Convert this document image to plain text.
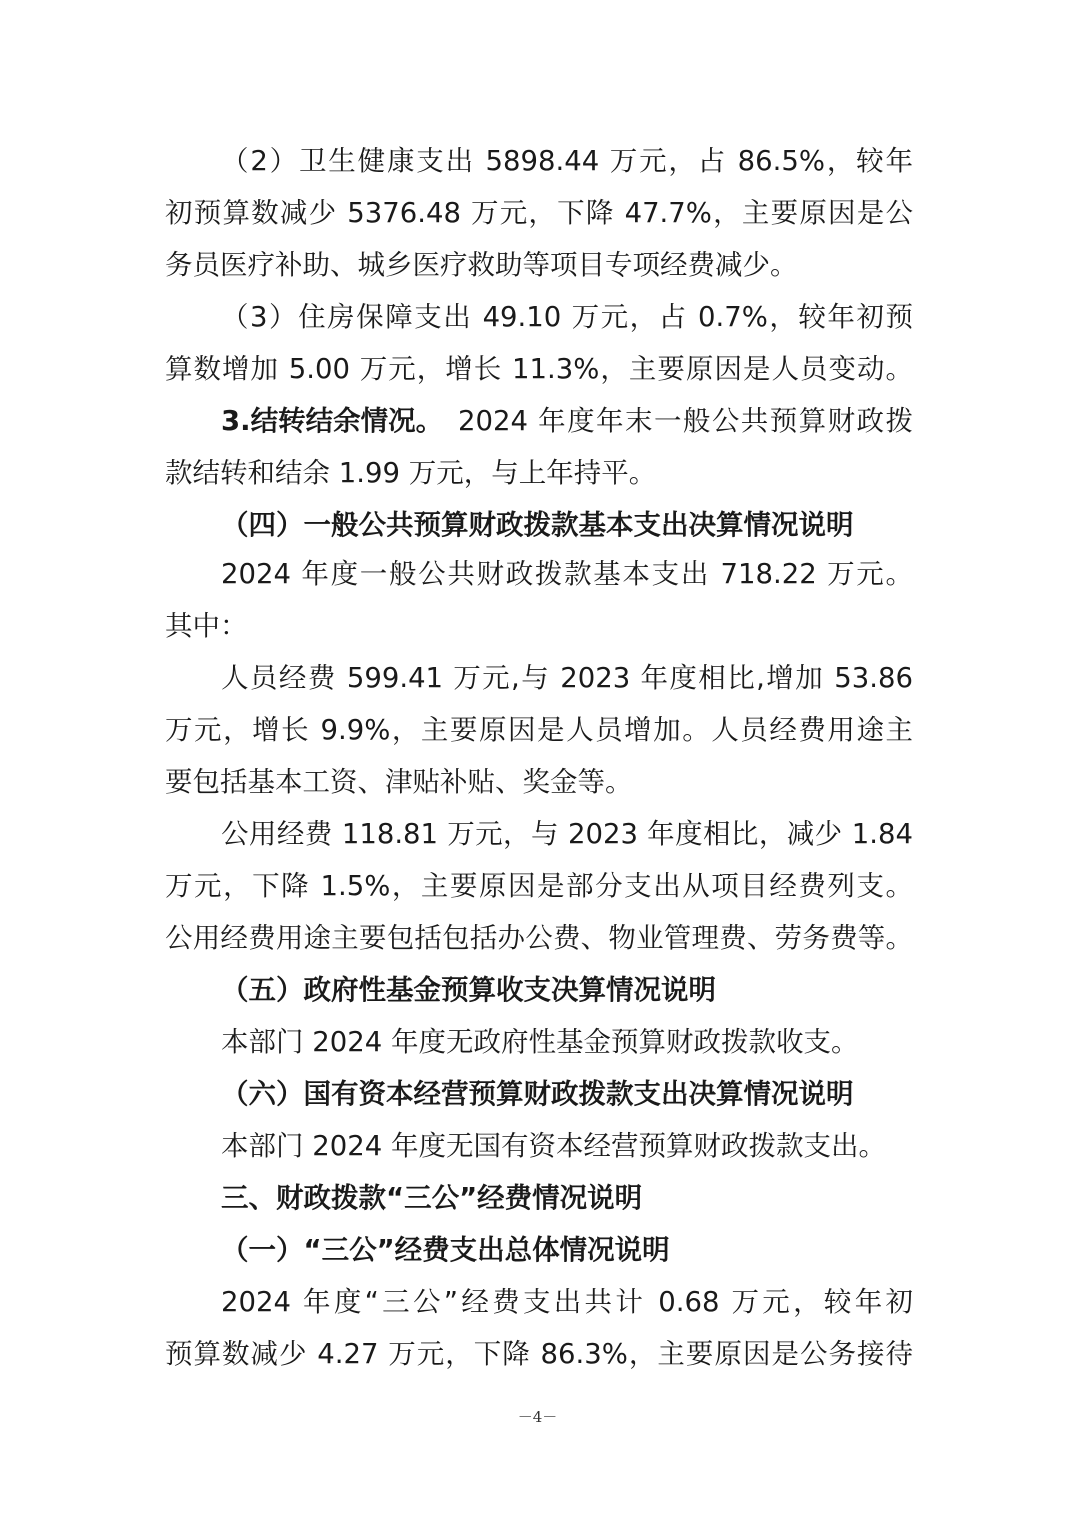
（2）卫生健康支出 5898.44 万元，占 86.5%，较年
初预算数减少 5376.48 万元，下降 47.7%，主要原因是公
务员医疗补助、城乡医疗救助等项目专项经费减少。
（3）住房保障支出 49.10 万元，占 0.7%，较年初预
算数增加 5.00 万元，增长 11.3%，主要原因是人员变动。
3.结转结余情况。 2024 年度年末一般公共预算财政拨
款结转和结余 1.99 万元，与上年持平。
（四）一般公共预算财政拨款基本支出决算情况说明
2024 年度一般公共财政拨款基本支出 718.22 万元。
其中：
人员经费 599.41 万元,与 2023 年度相比,增加 53.86
万元，增长 9.9%，主要原因是人员增加。人员经费用途主
要包括基本工资、津贴补贴、奖金等。
公用经费 118.81 万元，与 2023 年度相比，减少 1.84
万元，下降 1.5%，主要原因是部分支出从项目经费列支。
公用经费用途主要包括包括办公费、物业管理费、劳务费等。
（五）政府性基金预算收支决算情况说明
本部门 2024 年度无政府性基金预算财政拨款收支。
（六）国有资本经营预算财政拨款支出决算情况说明
本部门 2024 年度无国有资本经营预算财政拨款支出。
三、财政拨款“三公”经费情况说明
（一）“三公”经费支出总体情况说明
2024 年度“三公”经费支出共计 0.68 万元，较年初
预算数减少 4.27 万元，下降 86.3%，主要原因是公务接待
－4－
